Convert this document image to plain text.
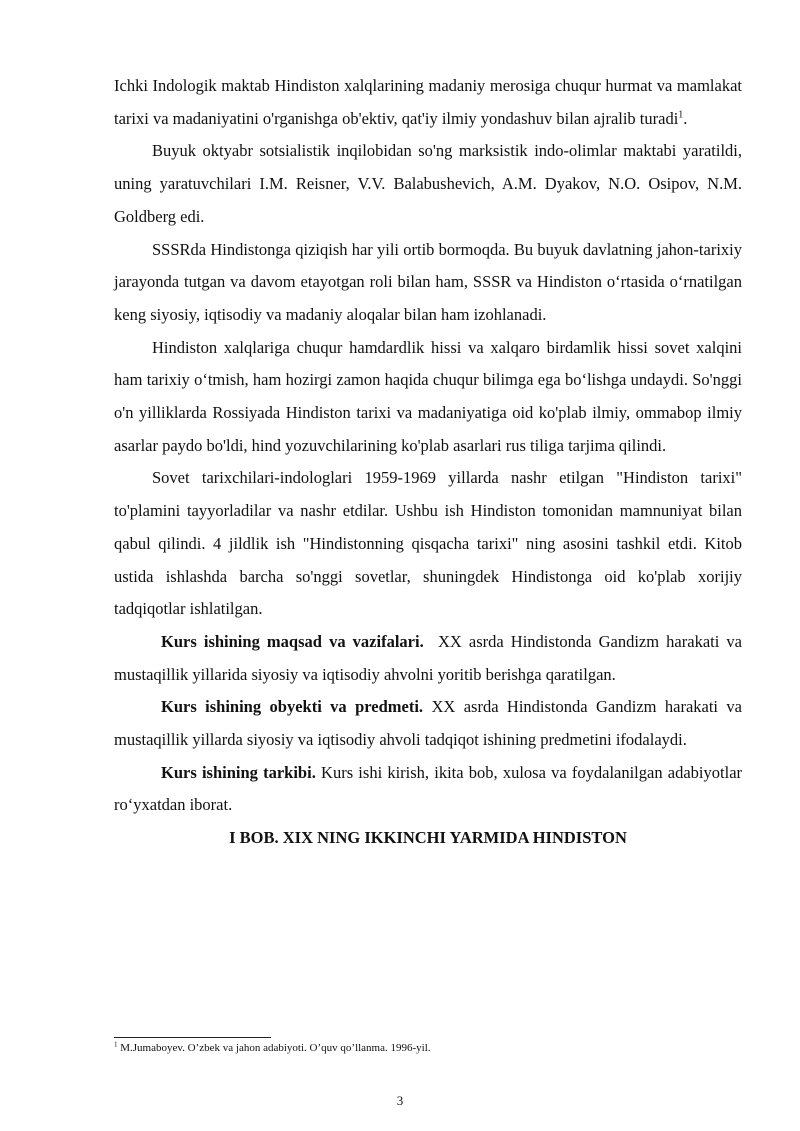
Ichki Indologik maktab Hindiston xalqlarining madaniy merosiga chuqur hurmat va mamlakat tarixi va madaniyatini o'rganishga ob'ektiv, qat'iy ilmiy yondashuv bilan ajralib turadi$^1$.

Buyuk oktyabr sotsialistik inqilobidan so'ng marksistik indo-olimlar maktabi yaratildi, uning yaratuvchilari I.M. Reisner, V.V. Balabushevich, A.M. Dyakov, N.O. Osipov, N.M. Goldberg edi.

SSSRda Hindistonga qiziqish har yili ortib bormoqda. Bu buyuk davlatning jahon-tarixiy jarayonda tutgan va davom etayotgan roli bilan ham, SSSR va Hindiston o‘rtasida o‘rnatilgan keng siyosiy, iqtisodiy va madaniy aloqalar bilan ham izohlanadi.

Hindiston xalqlariga chuqur hamdardlik hissi va xalqaro birdamlik hissi sovet xalqini ham tarixiy o‘tmish, ham hozirgi zamon haqida chuqur bilimga ega bo‘lishga undaydi. So'nggi o'n yilliklarda Rossiyada Hindiston tarixi va madaniyatiga oid ko'plab ilmiy, ommabop ilmiy asarlar paydo bo'ldi, hind yozuvchilarining ko'plab asarlari rus tiliga tarjima qilindi.

Sovet tarixchilari-indologlari 1959-1969 yillarda nashr etilgan "Hindiston tarixi" to'plamini tayyorladilar va nashr etdilar. Ushbu ish Hindiston tomonidan mamnuniyat bilan qabul qilindi. 4 jildlik ish "Hindistonning qisqacha tarixi" ning asosini tashkil etdi. Kitob ustida ishlashda barcha so'nggi sovetlar, shuningdek Hindistonga oid ko'plab xorijiy tadqiqotlar ishlatilgan.

Kurs ishining maqsad va vazifalari. XX asrda Hindistonda Gandizm harakati va mustaqillik yillarida siyosiy va iqtisodiy ahvolni yoritib berishga qaratilgan.

Kurs ishining obyekti va predmeti. XX asrda Hindistonda Gandizm harakati va mustaqillik yillarda siyosiy va iqtisodiy ahvoli tadqiqot ishining predmetini ifodalaydi.

Kurs ishining tarkibi. Kurs ishi kirish, ikita bob, xulosa va foydalanilgan adabiyotlar ro‘yxatdan iborat.

I BOB. XIX NING IKKINCHI YARMIDA HINDISTON

$^1$ M.Jumaboyev. O’zbek va jahon adabiyoti. O’quv qo’llanma. 1996-yil.
3
